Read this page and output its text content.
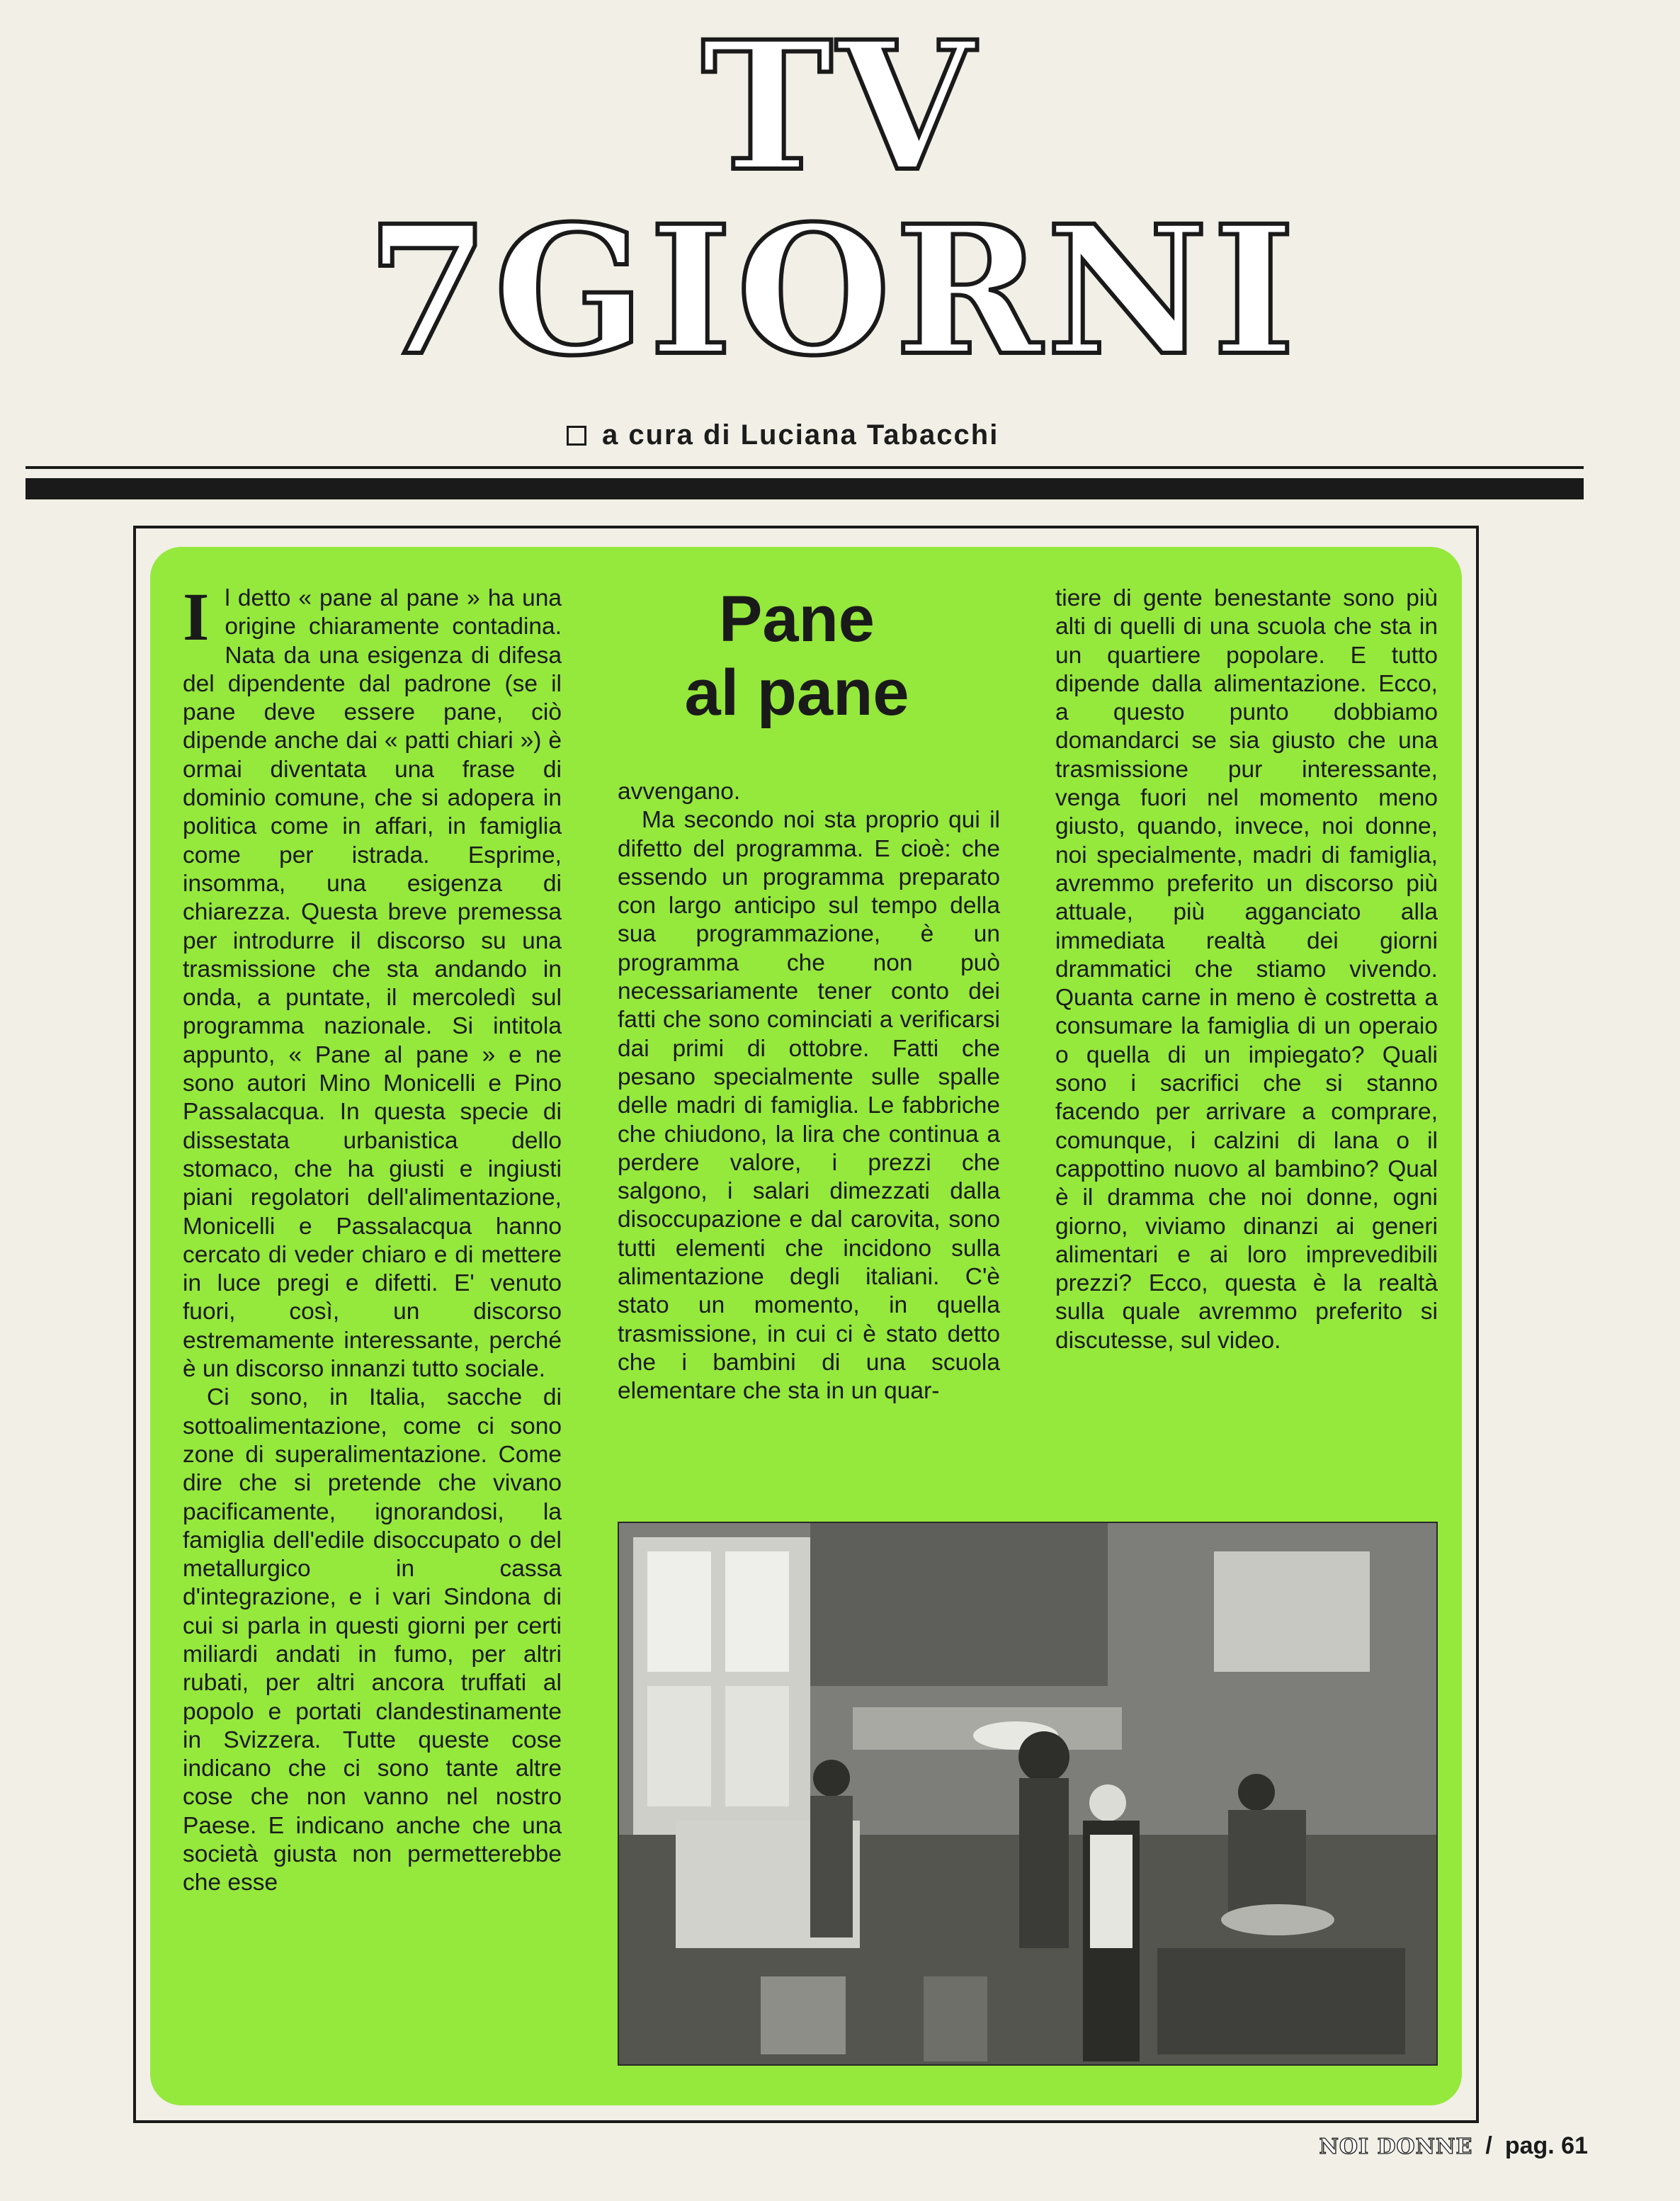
TV
7GIORNI
a cura di Luciana Tabacchi
I l detto « pane al pane » ha una origine chiaramente contadina. Nata da una esigenza di difesa del dipendente dal padrone (se il pane deve essere pane, ciò dipende anche dai « patti chiari ») è ormai diventata una frase di dominio comune, che si adopera in politica come in affari, in famiglia come per istrada. Esprime, insomma, una esigenza di chiarezza. Questa breve premessa per introdurre il discorso su una trasmissione che sta andando in onda, a puntate, il mercoledì sul programma nazionale. Si intitola appunto, « Pane al pane » e ne sono autori Mino Monicelli e Pino Passalacqua. In questa specie di dissestata urbanistica dello stomaco, che ha giusti e ingiusti piani regolatori dell'alimentazione, Monicelli e Passalacqua hanno cercato di veder chiaro e di mettere in luce pregi e difetti. E' venuto fuori, così, un discorso estremamente interessante, perché è un discorso innanzi tutto sociale.

Ci sono, in Italia, sacche di sottoalimentazione, come ci sono zone di superalimentazione. Come dire che si pretende che vivano pacificamente, ignorandosi, la famiglia dell'edile disoccupato o del metallurgico in cassa d'integrazione, e i vari Sindona di cui si parla in questi giorni per certi miliardi andati in fumo, per altri rubati, per altri ancora truffati al popolo e portati clandestinamente in Svizzera. Tutte queste cose indicano che ci sono tante altre cose che non vanno nel nostro Paese. E indicano anche che una società giusta non permetterebbe che esse

Pane
al pane

avvengano.

Ma secondo noi sta proprio qui il difetto del programma. E cioè: che essendo un programma preparato con largo anticipo sul tempo della sua programmazione, è un programma che non può necessariamente tener conto dei fatti che sono cominciati a verificarsi dai primi di ottobre. Fatti che pesano specialmente sulle spalle delle madri di famiglia. Le fabbriche che chiudono, la lira che continua a perdere valore, i prezzi che salgono, i salari dimezzati dalla disoccupazione e dal carovita, sono tutti elementi che incidono sulla alimentazione degli italiani. C'è stato un momento, in quella trasmissione, in cui ci è stato detto che i bambini di una scuola elementare che sta in un quar-

tiere di gente benestante sono più alti di quelli di una scuola che sta in un quartiere popolare. E tutto dipende dalla alimentazione. Ecco, a questo punto dobbiamo domandarci se sia giusto che una trasmissione pur interessante, venga fuori nel momento meno giusto, quando, invece, noi donne, noi specialmente, madri di famiglia, avremmo preferito un discorso più attuale, più agganciato alla immediata realtà dei giorni drammatici che stiamo vivendo. Quanta carne in meno è costretta a consumare la famiglia di un operaio o quella di un impiegato? Quali sono i sacrifici che si stanno facendo per arrivare a comprare, comunque, i calzini di lana o il cappottino nuovo al bambino? Qual è il dramma che noi donne, ogni giorno, viviamo dinanzi ai generi alimentari e ai loro imprevedibili prezzi? Ecco, questa è la realtà sulla quale avremmo preferito si discutesse, sul video.

NOI DONNE / pag. 61
